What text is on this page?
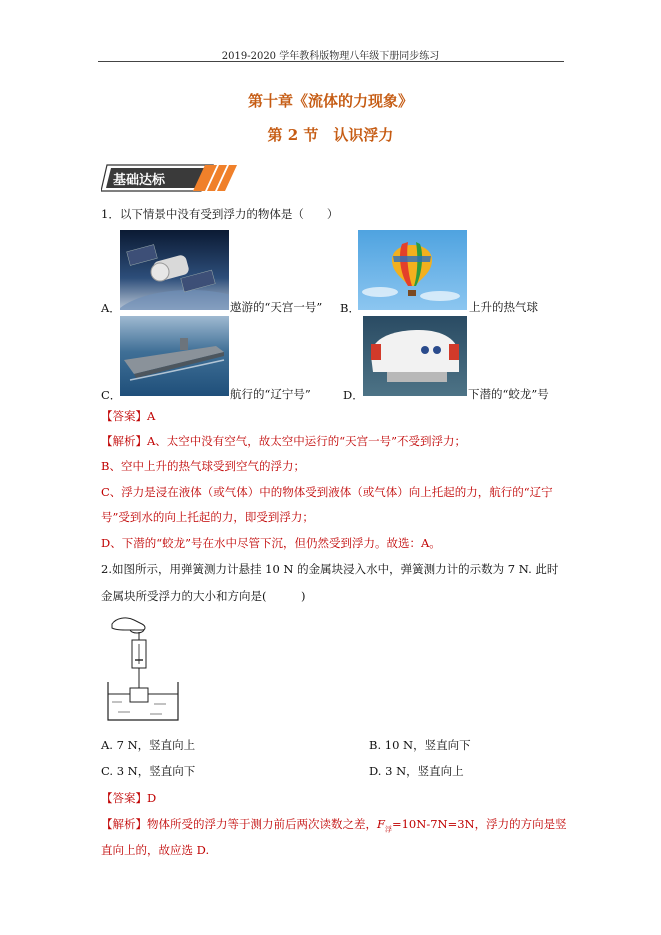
2019-2020 学年教科版物理八年级下册同步练习
第十章《流体的力现象》
第 2 节　认识浮力
基础达标
1．以下情景中没有受到浮力的物体是（　　）
A．	遨游的“天宫一号” B．	上升的热气球
C．	航行的“辽宁号”	D．	下潜的“蛟龙”号
【答案】A
【解析】A、太空中没有空气，故太空中运行的“天宫一号”不受到浮力；
B、空中上升的热气球受到空气的浮力；
C、浮力是浸在液体（或气体）中的物体受到液体（或气体）向上托起的力，航行的“辽宁
号”受到水的向上托起的力，即受到浮力；
D、下潜的“蛟龙”号在水中尽管下沉，但仍然受到浮力。故选：A。
2.如图所示，用弹簧测力计悬挂 10 N 的金属块浸入水中，弹簧测力计的示数为 7 N. 此时
金属块所受浮力的大小和方向是(　　　)
A. 7 N，竖直向上	B. 10 N，竖直向下
C. 3 N，竖直向下	D. 3 N，竖直向上
【答案】D
【解析】物体所受的浮力等于测力前后两次读数之差，$F_浮=10N-7N=3N$，浮力的方向是竖
直向上的，故应选 D.
